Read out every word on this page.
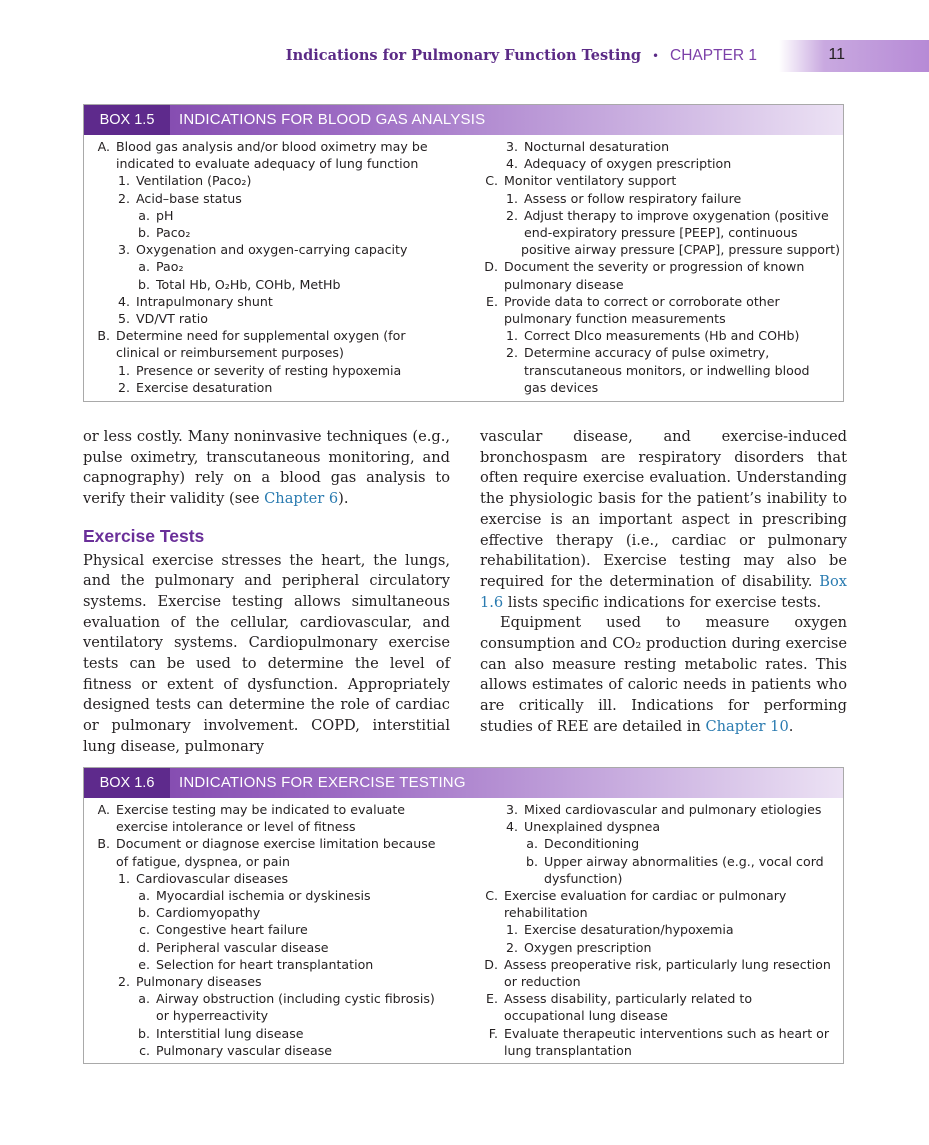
Indications for Pulmonary Function Testing • CHAPTER 1	11
BOX 1.5	INDICATIONS FOR BLOOD GAS ANALYSIS
A. Blood gas analysis and/or blood oximetry may be
indicated to evaluate adequacy of lung function
1. Ventilation (Paco₂)
2. Acid–base status
a. pH
b. Paco₂
3. Oxygenation and oxygen-carrying capacity
a. Pao₂
b. Total Hb, O₂Hb, COHb, MetHb
4. Intrapulmonary shunt
5. VD/VT ratio
B. Determine need for supplemental oxygen (for
clinical or reimbursement purposes)
1. Presence or severity of resting hypoxemia
2. Exercise desaturation
3. Nocturnal desaturation
4. Adequacy of oxygen prescription
C. Monitor ventilatory support
1. Assess or follow respiratory failure
2. Adjust therapy to improve oxygenation (positive
end-expiratory pressure [PEEP], continuous
positive airway pressure [CPAP], pressure support)
D. Document the severity or progression of known
pulmonary disease
E. Provide data to correct or corroborate other
pulmonary function measurements
1. Correct Dlco measurements (Hb and COHb)
2. Determine accuracy of pulse oximetry,
transcutaneous monitors, or indwelling blood
gas devices

or less costly. Many noninvasive techniques (e.g., pulse oximetry, transcutaneous monitoring, and capnography) rely on a blood gas analysis to verify their validity (see Chapter 6).

Exercise Tests

Physical exercise stresses the heart, the lungs, and the pulmonary and peripheral circulatory systems. Exercise testing allows simultaneous evaluation of the cellular, cardiovascular, and ventilatory systems. Cardiopulmonary exercise tests can be used to determine the level of fitness or extent of dysfunction. Appropriately designed tests can determine the role of cardiac or pulmonary involvement. COPD, interstitial lung disease, pulmonary

vascular disease, and exercise-induced bronchospasm are respiratory disorders that often require exercise evaluation. Understanding the physiologic basis for the patient’s inability to exercise is an important aspect in prescribing effective therapy (i.e., cardiac or pulmonary rehabilitation). Exercise testing may also be required for the determination of disability. Box 1.6 lists specific indications for exercise tests.

Equipment used to measure oxygen consumption and CO₂ production during exercise can also measure resting metabolic rates. This allows estimates of caloric needs in patients who are critically ill. Indications for performing studies of REE are detailed in Chapter 10.

BOX 1.6	INDICATIONS FOR EXERCISE TESTING
A. Exercise testing may be indicated to evaluate
exercise intolerance or level of fitness
B. Document or diagnose exercise limitation because
of fatigue, dyspnea, or pain
1. Cardiovascular diseases
a. Myocardial ischemia or dyskinesis
b. Cardiomyopathy
c. Congestive heart failure
d. Peripheral vascular disease
e. Selection for heart transplantation
2. Pulmonary diseases
a. Airway obstruction (including cystic fibrosis)
or hyperreactivity
b. Interstitial lung disease
c. Pulmonary vascular disease
3. Mixed cardiovascular and pulmonary etiologies
4. Unexplained dyspnea
a. Deconditioning
b. Upper airway abnormalities (e.g., vocal cord
dysfunction)
C. Exercise evaluation for cardiac or pulmonary
rehabilitation
1. Exercise desaturation/hypoxemia
2. Oxygen prescription
D. Assess preoperative risk, particularly lung resection
or reduction
E. Assess disability, particularly related to
occupational lung disease
F. Evaluate therapeutic interventions such as heart or
lung transplantation
